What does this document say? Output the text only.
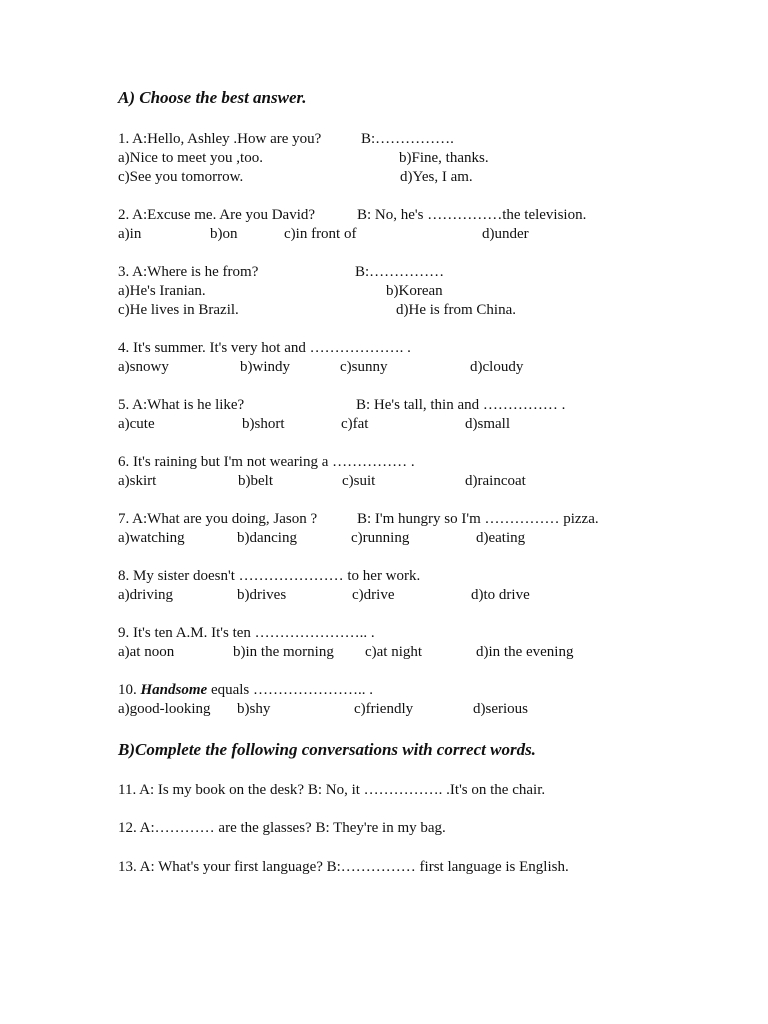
A) Choose the best answer.
1. A:Hello, Ashley .How are you?	B:…………….
a)Nice to meet you ,too.	b)Fine, thanks.
c)See you tomorrow.	d)Yes, I am.
2. A:Excuse me. Are you David?	B: No, he's ……………the television.
a)in	b)on	c)in front of	d)under
3. A:Where is he from?	B:……………
a)He's Iranian.	b)Korean
c)He lives in Brazil.	d)He is from China.
4. It's summer. It's very hot and ………………. .
a)snowy	b)windy	c)sunny	d)cloudy
5. A:What is he like?	B: He's tall, thin and …………… .
a)cute	b)short	c)fat	d)small
6. It's raining but I'm not wearing a …………… .
a)skirt	b)belt	c)suit	d)raincoat
7. A:What are you doing, Jason ?	B: I'm hungry so I'm …………… pizza.
a)watching	b)dancing	c)running	d)eating
8. My sister doesn't ………………… to her work.
a)driving	b)drives	c)drive	d)to drive
9. It's ten A.M. It's ten ………………….. .
a)at noon	b)in the morning c)at night	d)in the evening
10. Handsome equals ………………….. .
a)good-looking b)shy	c)friendly	d)serious
B)Complete the following conversations with correct words.
11. A: Is my book on the desk? B: No, it ……………. .It's on the chair.
12. A:………… are the glasses? B: They're in my bag.
13. A: What's your first language? B:…………… first language is English.
